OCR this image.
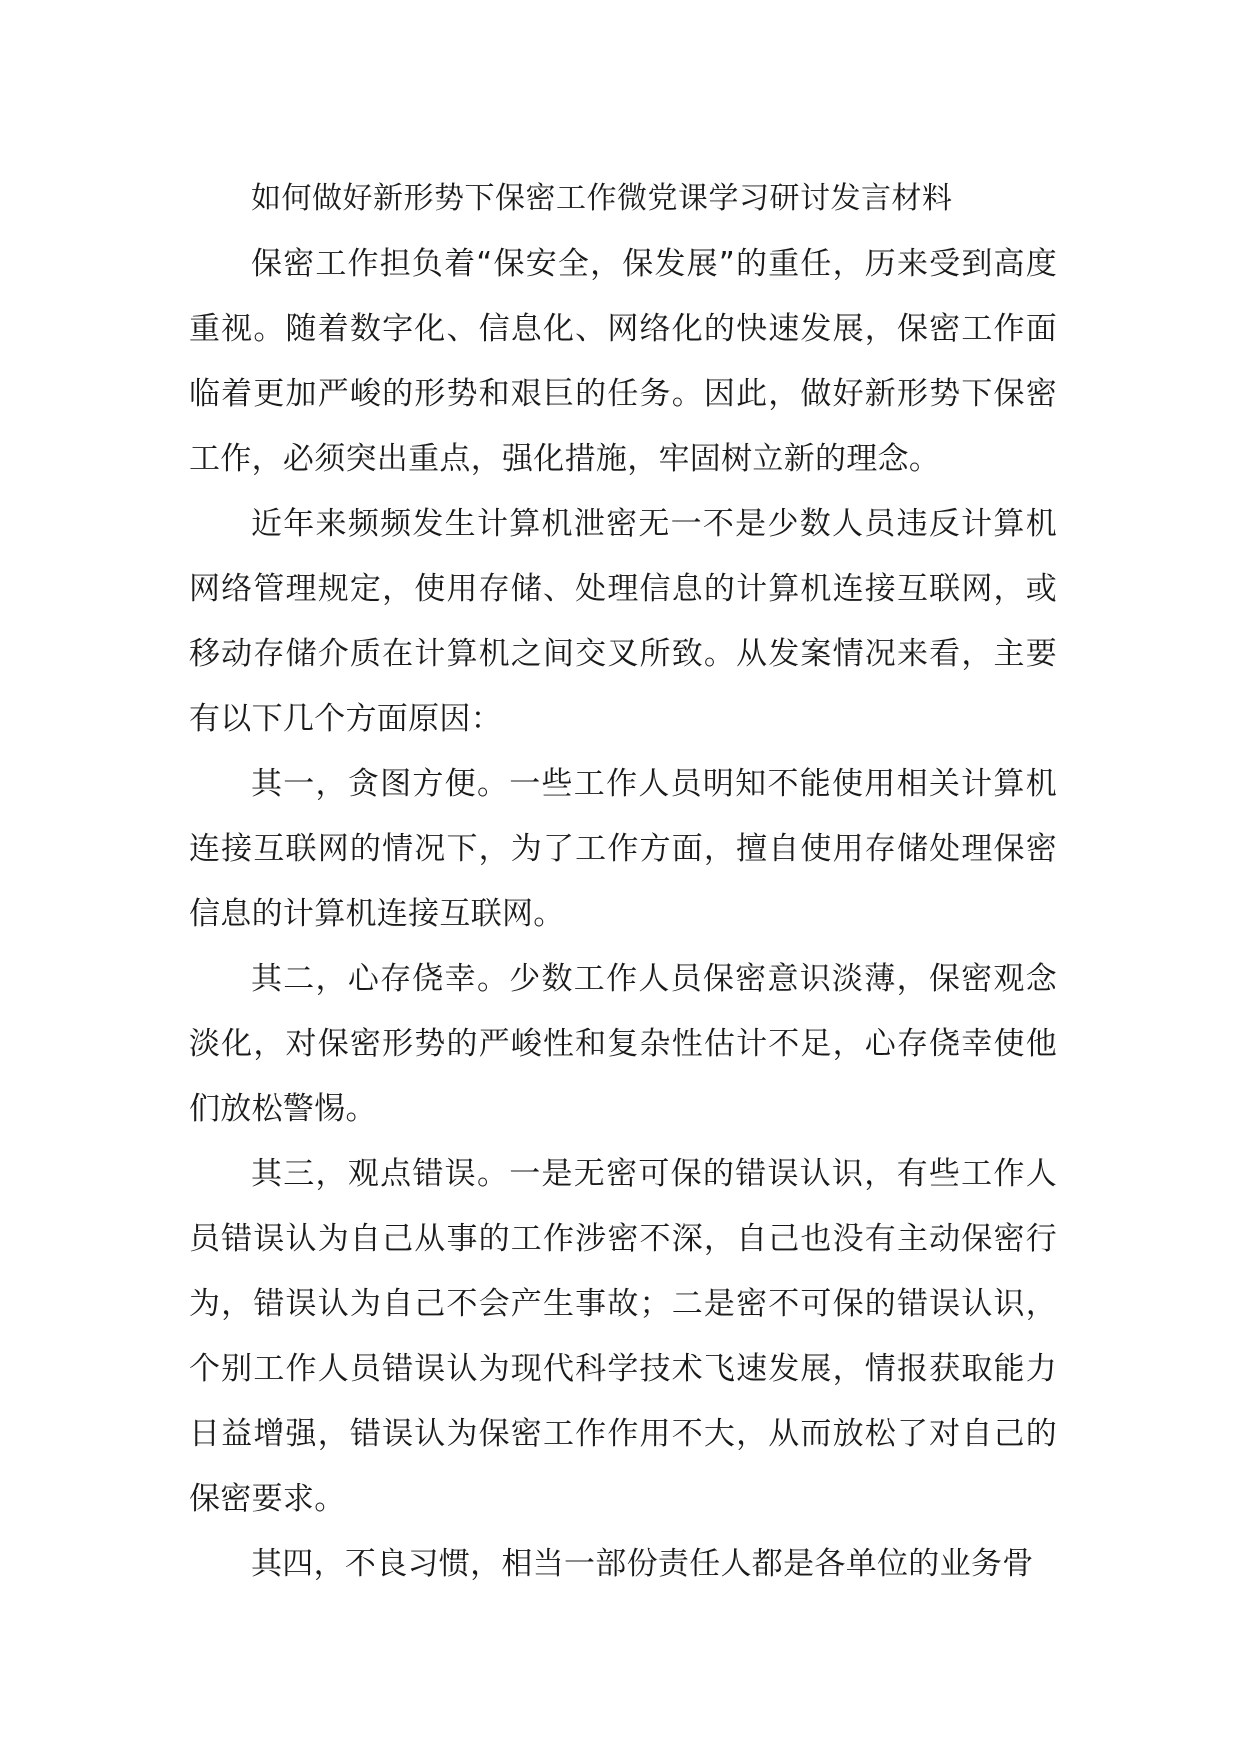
如何做好新形势下保密工作微党课学习研讨发言材料

保密工作担负着“保安全，保发展”的重任，历来受到高度重视。随着数字化、信息化、网络化的快速发展，保密工作面临着更加严峻的形势和艰巨的任务。因此，做好新形势下保密工作，必须突出重点，强化措施，牢固树立新的理念。

近年来频频发生计算机泄密无一不是少数人员违反计算机网络管理规定，使用存储、处理信息的计算机连接互联网，或移动存储介质在计算机之间交叉所致。从发案情况来看，主要有以下几个方面原因：

其一，贪图方便。一些工作人员明知不能使用相关计算机连接互联网的情况下，为了工作方面，擅自使用存储处理保密信息的计算机连接互联网。

其二，心存侥幸。少数工作人员保密意识淡薄，保密观念淡化，对保密形势的严峻性和复杂性估计不足，心存侥幸使他们放松警惕。

其三，观点错误。一是无密可保的错误认识，有些工作人员错误认为自己从事的工作涉密不深，自己也没有主动保密行为，错误认为自己不会产生事故；二是密不可保的错误认识，个别工作人员错误认为现代科学技术飞速发展，情报获取能力日益增强，错误认为保密工作作用不大，从而放松了对自己的保密要求。

其四，不良习惯，相当一部份责任人都是各单位的业务骨
